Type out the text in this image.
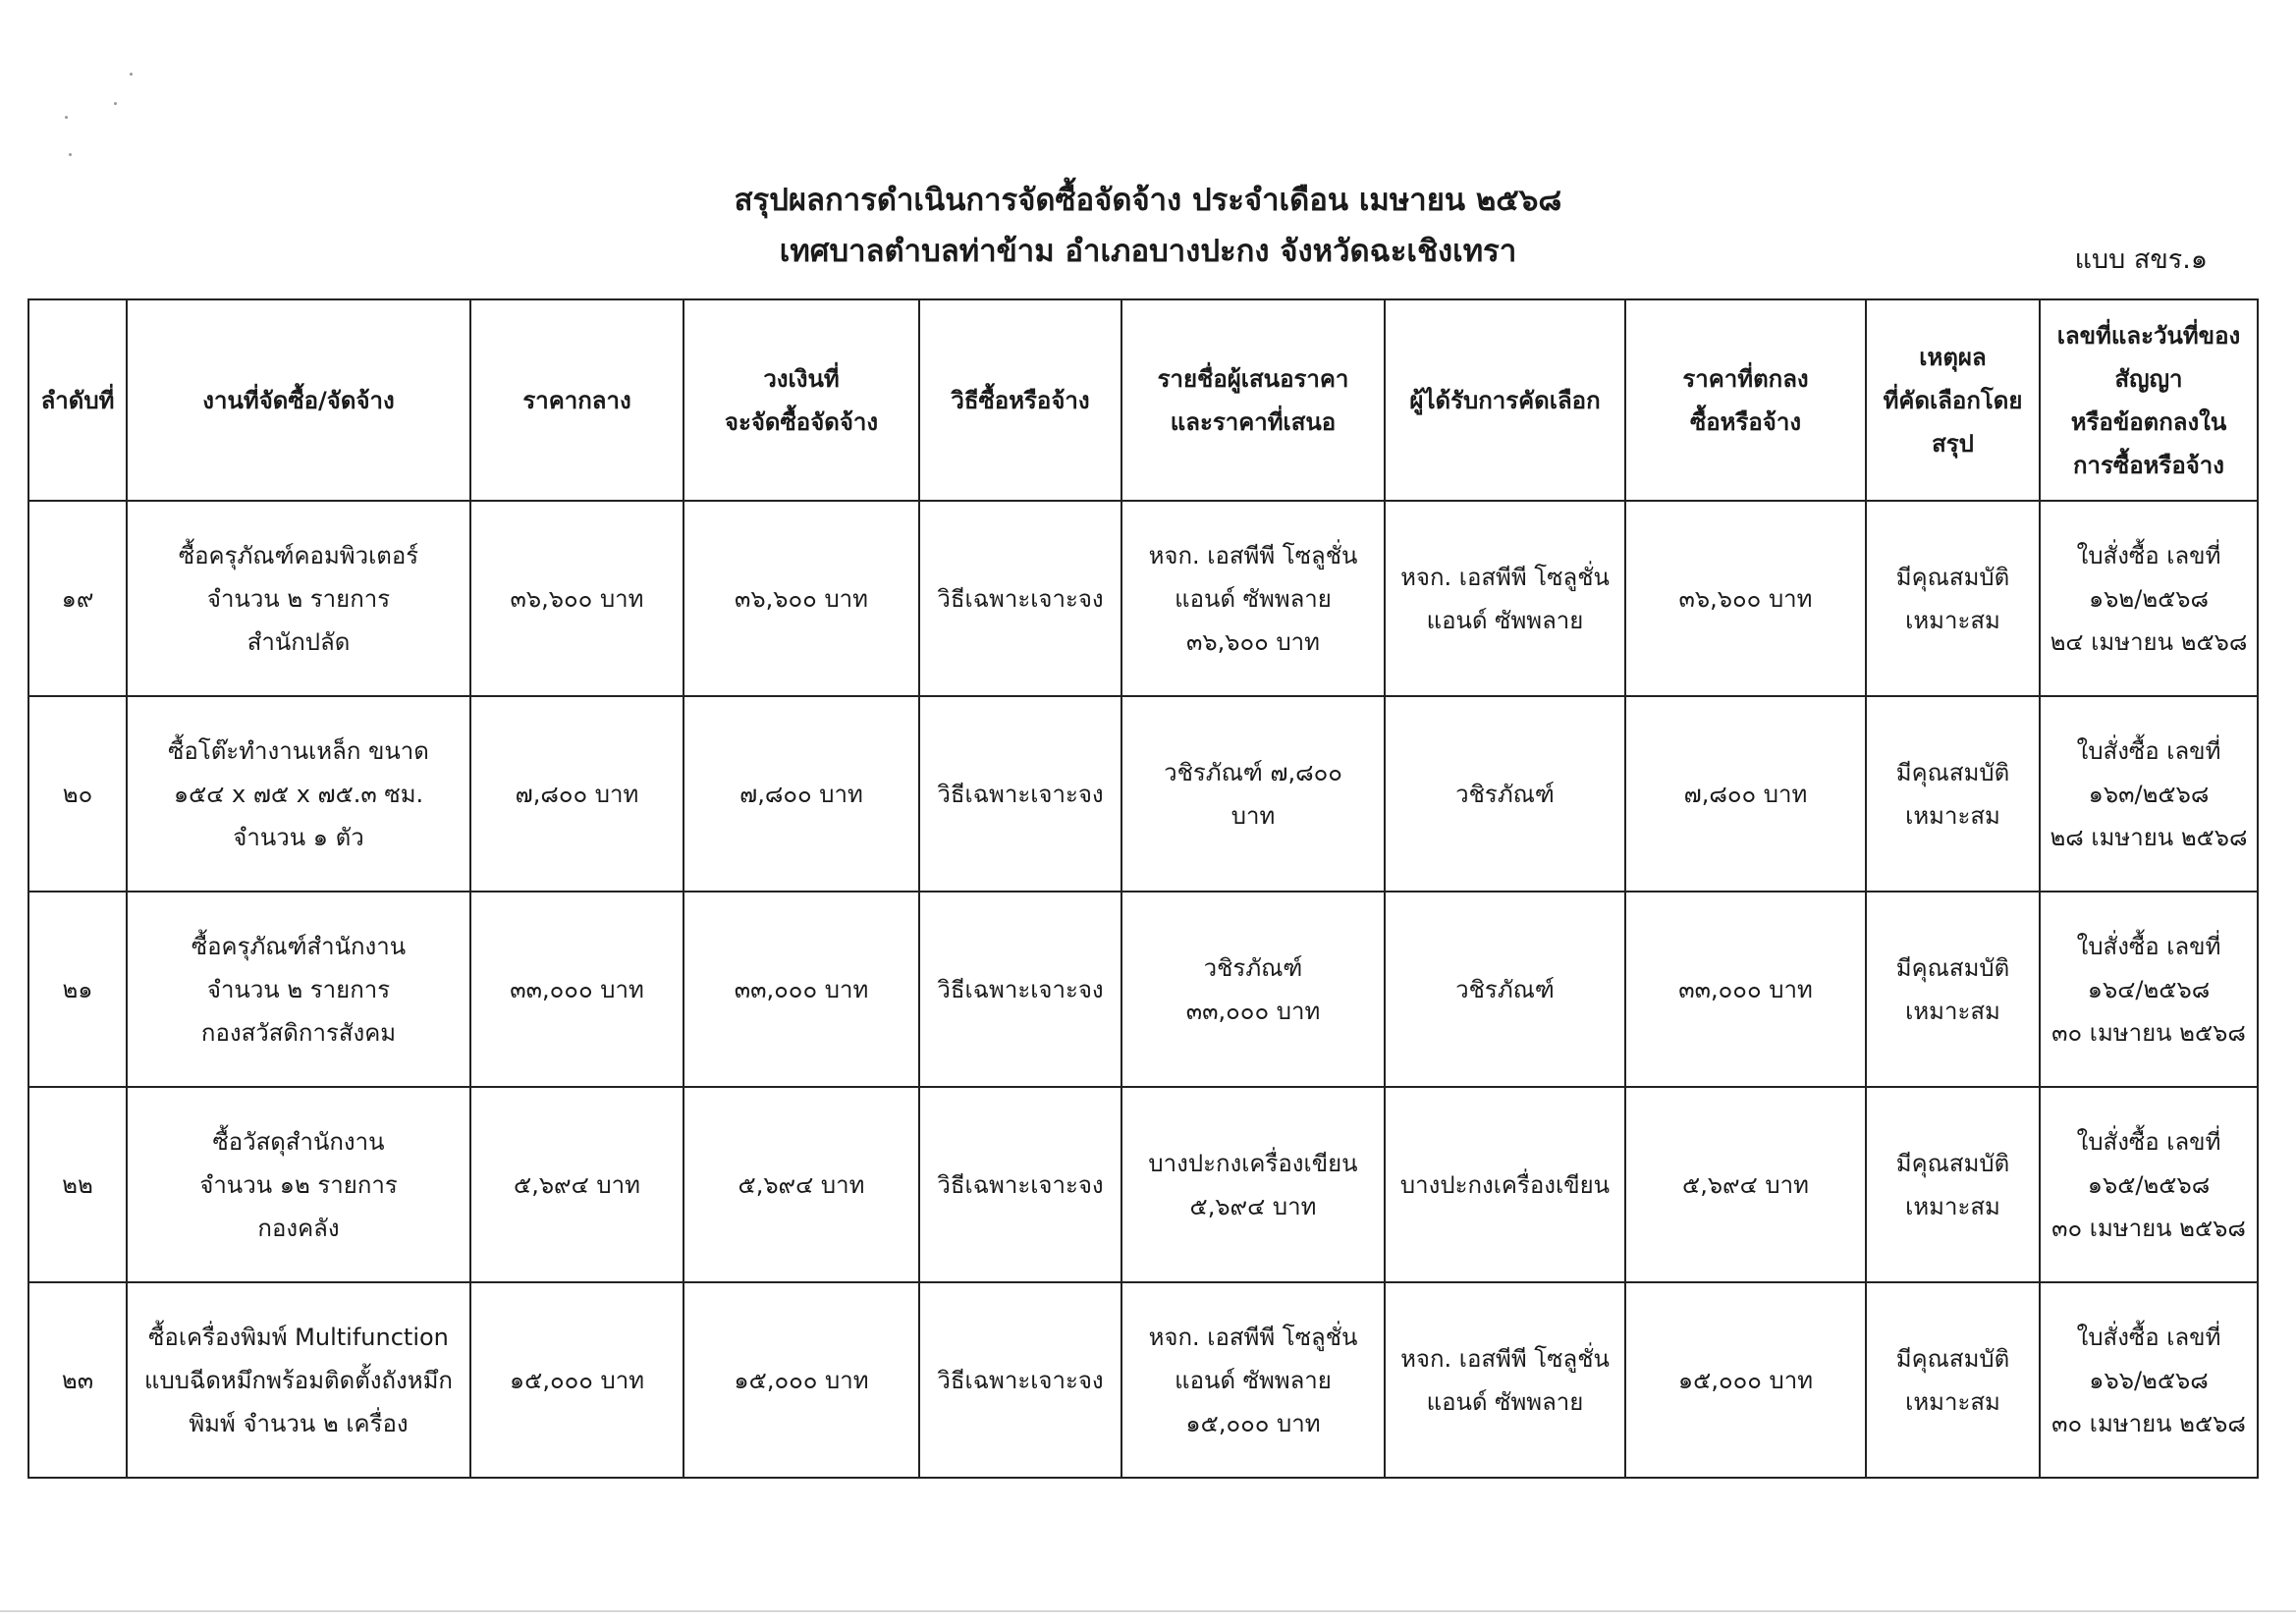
สรุปผลการดำเนินการจัดซื้อจัดจ้าง ประจำเดือน เมษายน ๒๕๖๘
เทศบาลตำบลท่าข้าม อำเภอบางปะกง จังหวัดฉะเชิงเทรา	แบบ สขร.๑
ลำดับที่	งานที่จัดซื้อ/จัดจ้าง	ราคากลาง	วงเงินที่
จะจัดซื้อจัดจ้าง	วิธีซื้อหรือจ้าง	รายชื่อผู้เสนอราคา
และราคาที่เสนอ	ผู้ได้รับการคัดเลือก	ราคาที่ตกลง
ซื้อหรือจ้าง	เหตุผล
ที่คัดเลือกโดย
สรุป	เลขที่และวันที่ของ
สัญญา
หรือข้อตกลงใน
การซื้อหรือจ้าง
๑๙	ซื้อครุภัณฑ์คอมพิวเตอร์
จำนวน ๒ รายการ
สำนักปลัด	๓๖,๖๐๐ บาท	๓๖,๖๐๐ บาท	วิธีเฉพาะเจาะจง	หจก. เอสพีพี โซลูชั่น
แอนด์ ซัพพลาย
๓๖,๖๐๐ บาท	หจก. เอสพีพี โซลูชั่น
แอนด์ ซัพพลาย	๓๖,๖๐๐ บาท	มีคุณสมบัติ
เหมาะสม	ใบสั่งซื้อ เลขที่
๑๖๒/๒๕๖๘
๒๔ เมษายน ๒๕๖๘
๒๐	ซื้อโต๊ะทำงานเหล็ก ขนาด
๑๕๔ x ๗๕ x ๗๕.๓ ซม.
จำนวน ๑ ตัว	๗,๘๐๐ บาท	๗,๘๐๐ บาท	วิธีเฉพาะเจาะจง	วชิรภัณฑ์ ๗,๘๐๐
บาท	วชิรภัณฑ์	๗,๘๐๐ บาท	มีคุณสมบัติ
เหมาะสม	ใบสั่งซื้อ เลขที่
๑๖๓/๒๕๖๘
๒๘ เมษายน ๒๕๖๘
๒๑	ซื้อครุภัณฑ์สำนักงาน
จำนวน ๒ รายการ
กองสวัสดิการสังคม	๓๓,๐๐๐ บาท	๓๓,๐๐๐ บาท	วิธีเฉพาะเจาะจง	วชิรภัณฑ์
๓๓,๐๐๐ บาท	วชิรภัณฑ์	๓๓,๐๐๐ บาท	มีคุณสมบัติ
เหมาะสม	ใบสั่งซื้อ เลขที่
๑๖๔/๒๕๖๘
๓๐ เมษายน ๒๕๖๘
๒๒	ซื้อวัสดุสำนักงาน
จำนวน ๑๒ รายการ
กองคลัง	๕,๖๙๔ บาท	๕,๖๙๔ บาท	วิธีเฉพาะเจาะจง	บางปะกงเครื่องเขียน
๕,๖๙๔ บาท	บางปะกงเครื่องเขียน	๕,๖๙๔ บาท	มีคุณสมบัติ
เหมาะสม	ใบสั่งซื้อ เลขที่
๑๖๕/๒๕๖๘
๓๐ เมษายน ๒๕๖๘
๒๓	ซื้อเครื่องพิมพ์ Multifunction
แบบฉีดหมึกพร้อมติดตั้งถังหมึก
พิมพ์ จำนวน ๒ เครื่อง	๑๕,๐๐๐ บาท	๑๕,๐๐๐ บาท	วิธีเฉพาะเจาะจง	หจก. เอสพีพี โซลูชั่น
แอนด์ ซัพพลาย
๑๕,๐๐๐ บาท	หจก. เอสพีพี โซลูชั่น
แอนด์ ซัพพลาย	๑๕,๐๐๐ บาท	มีคุณสมบัติ
เหมาะสม	ใบสั่งซื้อ เลขที่
๑๖๖/๒๕๖๘
๓๐ เมษายน ๒๕๖๘
